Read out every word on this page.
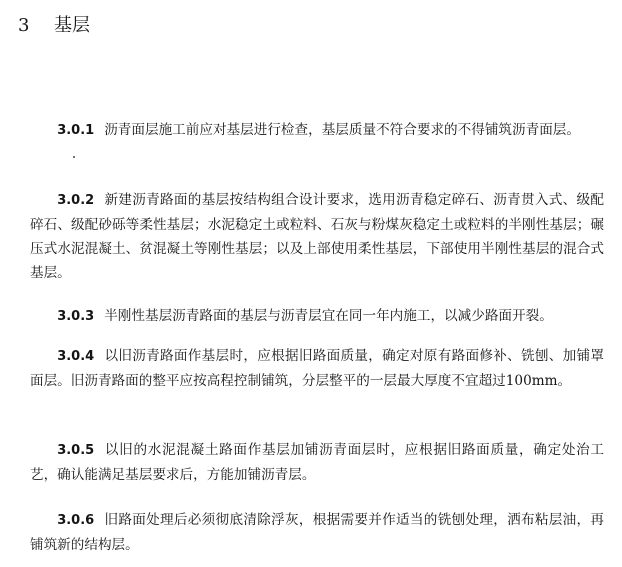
3 基层

3.0.1 沥青面层施工前应对基层进行检查，基层质量不符合要求的不得铺筑沥青面层。

3.0.2 新建沥青路面的基层按结构组合设计要求，选用沥青稳定碎石、沥青贯入式、级配碎石、级配砂砾等柔性基层；水泥稳定土或粒料、石灰与粉煤灰稳定土或粒料的半刚性基层；碾压式水泥混凝土、贫混凝土等刚性基层；以及上部使用柔性基层，下部使用半刚性基层的混合式基层。

3.0.3 半刚性基层沥青路面的基层与沥青层宜在同一年内施工，以减少路面开裂。

3.0.4 以旧沥青路面作基层时，应根据旧路面质量，确定对原有路面修补、铣刨、加铺罩面层。旧沥青路面的整平应按高程控制铺筑，分层整平的一层最大厚度不宜超过100mm。

3.0.5 以旧的水泥混凝土路面作基层加铺沥青面层时，应根据旧路面质量，确定处治工艺，确认能满足基层要求后，方能加铺沥青层。

3.0.6 旧路面处理后必须彻底清除浮灰，根据需要并作适当的铣刨处理，洒布粘层油，再铺筑新的结构层。
